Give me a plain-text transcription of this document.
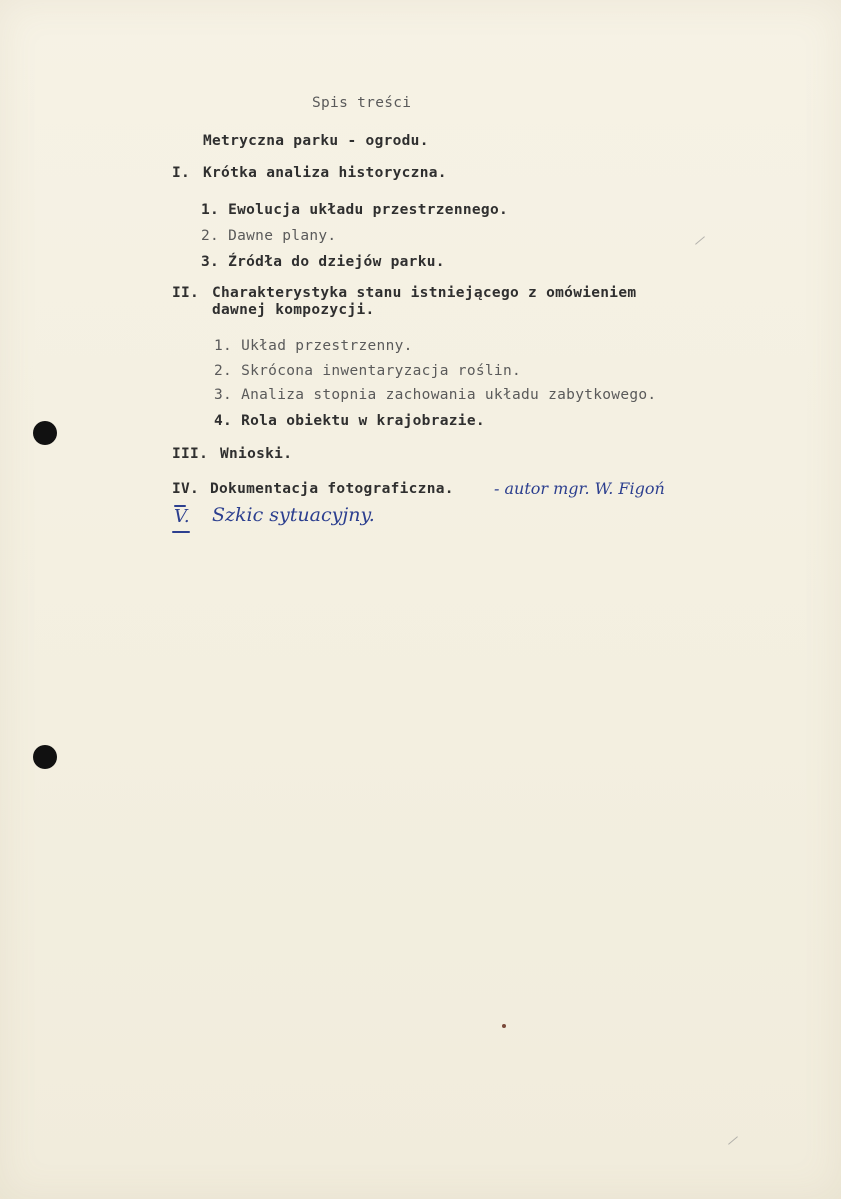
Spis treści
Metryczna parku - ogrodu.
I. Krótka analiza historyczna.
1. Ewolucja układu przestrzennego.
2. Dawne plany.
3. Źródła do dziejów parku.
II. Charakterystyka stanu istniejącego z omówieniem
dawnej kompozycji.
1. Układ przestrzenny.
2. Skrócona inwentaryzacja roślin.
3. Analiza stopnia zachowania układu zabytkowego.
4. Rola obiektu w krajobrazie.
III. Wnioski.
IV. Dokumentacja fotograficzna.	- autor mgr. W. Figoń
V. Szkic sytuacyjny.
